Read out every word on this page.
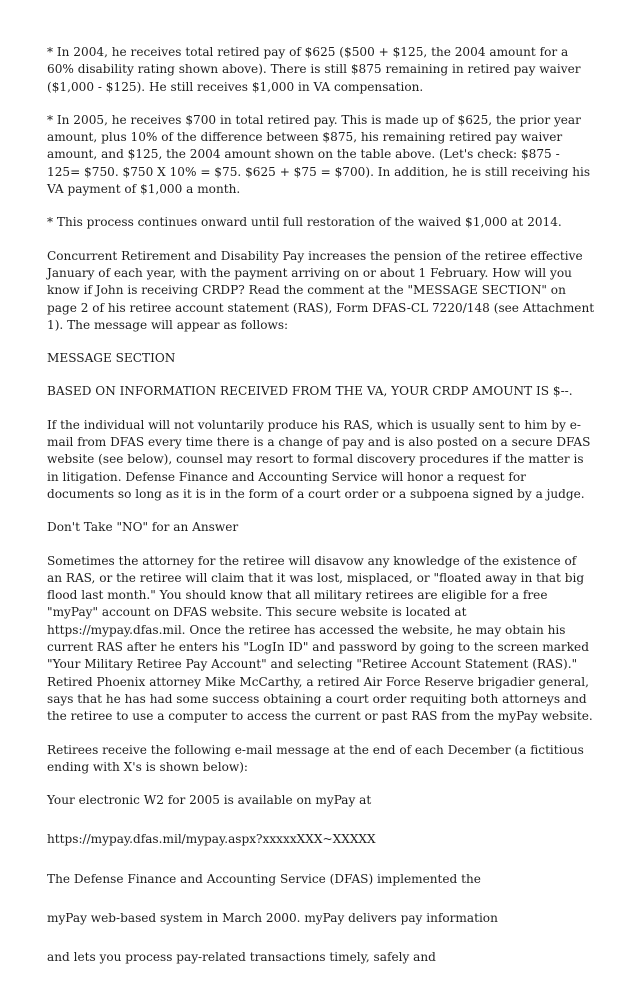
* In 2004, he receives total retired pay of $625 ($500 + $125, the 2004 amount for a 60% disability rating shown above). There is still $875 remaining in retired pay waiver ($1,000 - $125). He still receives $1,000 in VA compensation.

* In 2005, he receives $700 in total retired pay. This is made up of $625, the prior year amount, plus 10% of the difference between $875, his remaining retired pay waiver amount, and $125, the 2004 amount shown on the table above. (Let's check: $875 - 125= $750. $750 X 10% = $75. $625 + $75 = $700). In addition, he is still receiving his VA payment of $1,000 a month.

* This process continues onward until full restoration of the waived $1,000 at 2014.

Concurrent Retirement and Disability Pay increases the pension of the retiree effective January of each year, with the payment arriving on or about 1 February. How will you know if John is receiving CRDP? Read the comment at the "MESSAGE SECTION" on page 2 of his retiree account statement (RAS), Form DFAS-CL 7220/148 (see Attachment 1). The message will appear as follows:

MESSAGE SECTION

BASED ON INFORMATION RECEIVED FROM THE VA, YOUR CRDP AMOUNT IS $--.

If the individual will not voluntarily produce his RAS, which is usually sent to him by e-mail from DFAS every time there is a change of pay and is also posted on a secure DFAS website (see below), counsel may resort to formal discovery procedures if the matter is in litigation. Defense Finance and Accounting Service will honor a request for documents so long as it is in the form of a court order or a subpoena signed by a judge.

Don't Take "NO" for an Answer

Sometimes the attorney for the retiree will disavow any knowledge of the existence of an RAS, or the retiree will claim that it was lost, misplaced, or "floated away in that big flood last month." You should know that all military retirees are eligible for a free "myPay" account on DFAS website. This secure website is located at https://mypay.dfas.mil. Once the retiree has accessed the website, he may obtain his current RAS after he enters his "LogIn ID" and password by going to the screen marked "Your Military Retiree Pay Account" and selecting "Retiree Account Statement (RAS)." Retired Phoenix attorney Mike McCarthy, a retired Air Force Reserve brigadier general, says that he has had some success obtaining a court order requiting both attorneys and the retiree to use a computer to access the current or past RAS from the myPay website.

Retirees receive the following e-mail message at the end of each December (a fictitious ending with X's is shown below):

Your electronic W2 for 2005 is available on myPay at

https://mypay.dfas.mil/mypay.aspx?xxxxxXXX~XXXXX

The Defense Finance and Accounting Service (DFAS) implemented the

myPay web-based system in March 2000. myPay delivers pay information

and lets you process pay-related transactions timely, safely and
